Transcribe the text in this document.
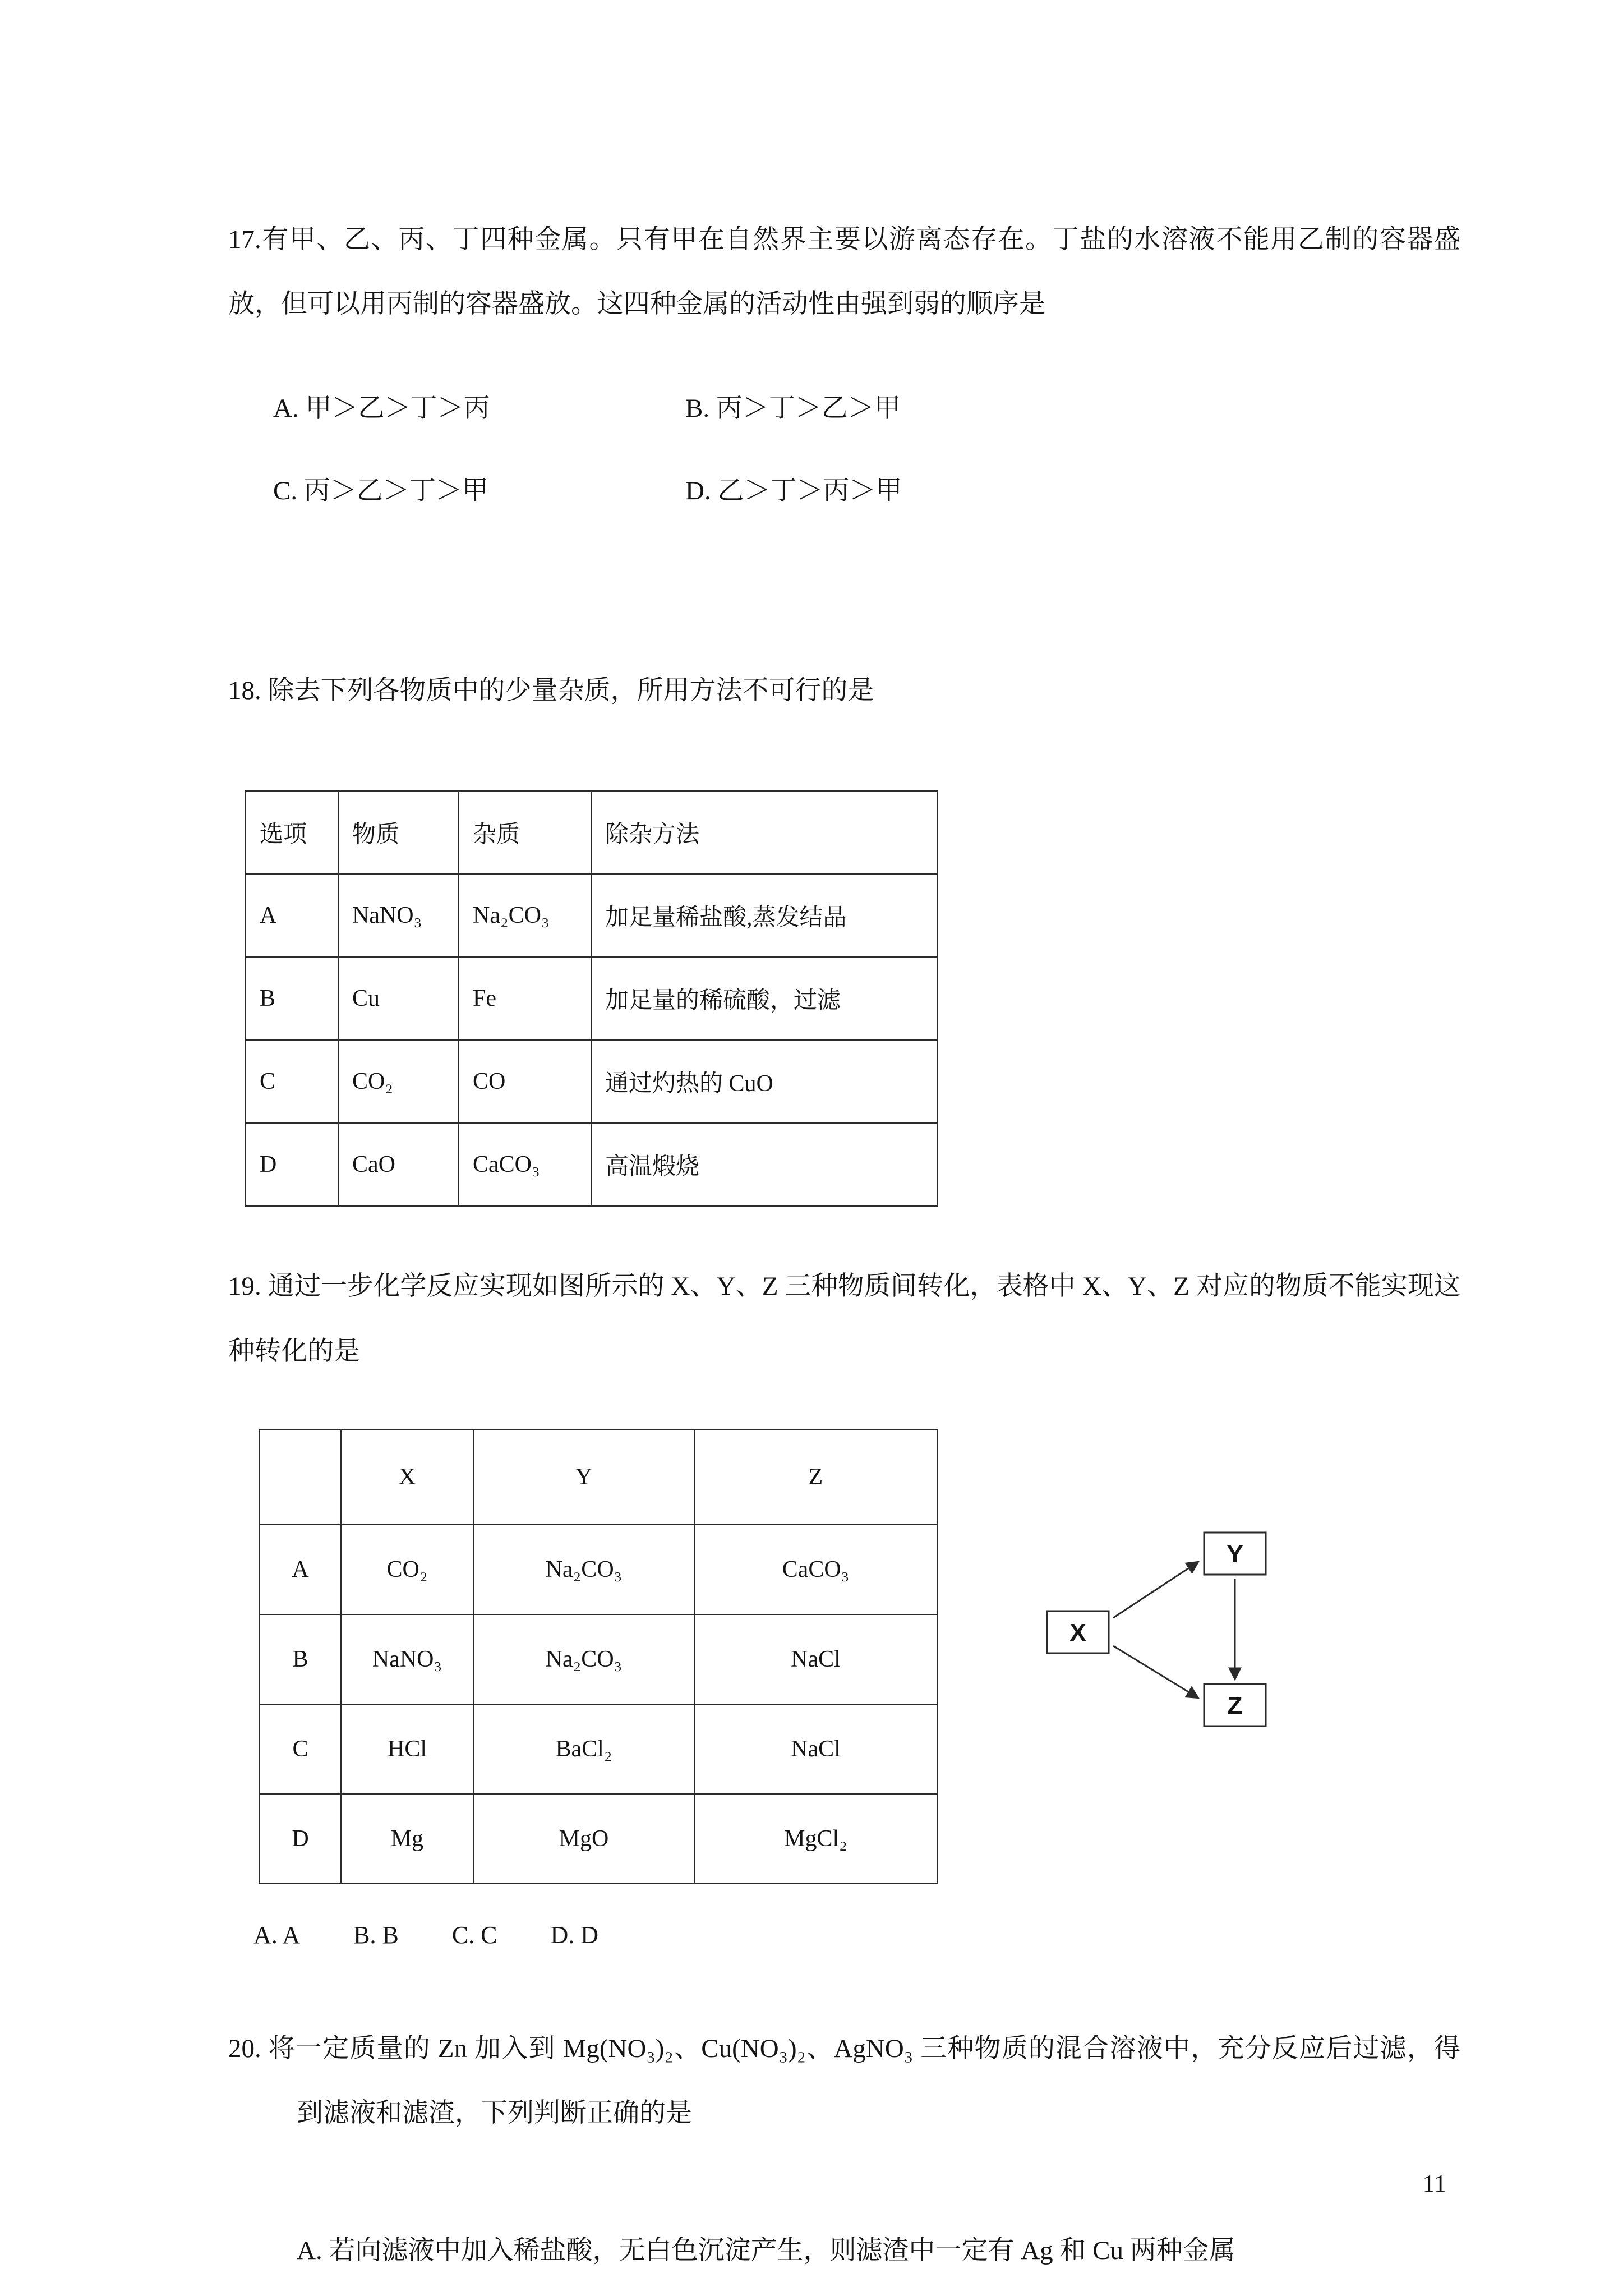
17.有甲、乙、丙、丁四种金属。只有甲在自然界主要以游离态存在。丁盐的水溶液不能用乙制的容器盛放，但可以用丙制的容器盛放。这四种金属的活动性由强到弱的顺序是

A. 甲＞乙＞丁＞丙	B. 丙＞丁＞乙＞甲
C. 丙＞乙＞丁＞甲	D. 乙＞丁＞丙＞甲

18. 除去下列各物质中的少量杂质，所用方法不可行的是

选项	物质	杂质	除杂方法
A	NaNO₃	Na₂CO₃	加足量稀盐酸,蒸发结晶
B	Cu	Fe	加足量的稀硫酸，过滤
C	CO₂	CO	通过灼热的 CuO
D	CaO	CaCO₃	高温煅烧

19. 通过一步化学反应实现如图所示的 X、Y、Z 三种物质间转化，表格中 X、Y、Z 对应的物质不能实现这种转化的是

	X	Y	Z
A	CO₂	Na₂CO₃	CaCO₃
B	NaNO₃	Na₂CO₃	NaCl
C	HCl	BaCl₂	NaCl
D	Mg	MgO	MgCl₂
X
Y
Z
A. A B. B C. C D. D

20. 将一定质量的 Zn 加入到 Mg(NO₃)₂、Cu(NO₃)₂、AgNO₃ 三种物质的混合溶液中，充分反应后过滤，得到滤液和滤渣，下列判断正确的是

A. 若向滤液中加入稀盐酸，无白色沉淀产生，则滤渣中一定有 Ag 和 Cu 两种金属

11
